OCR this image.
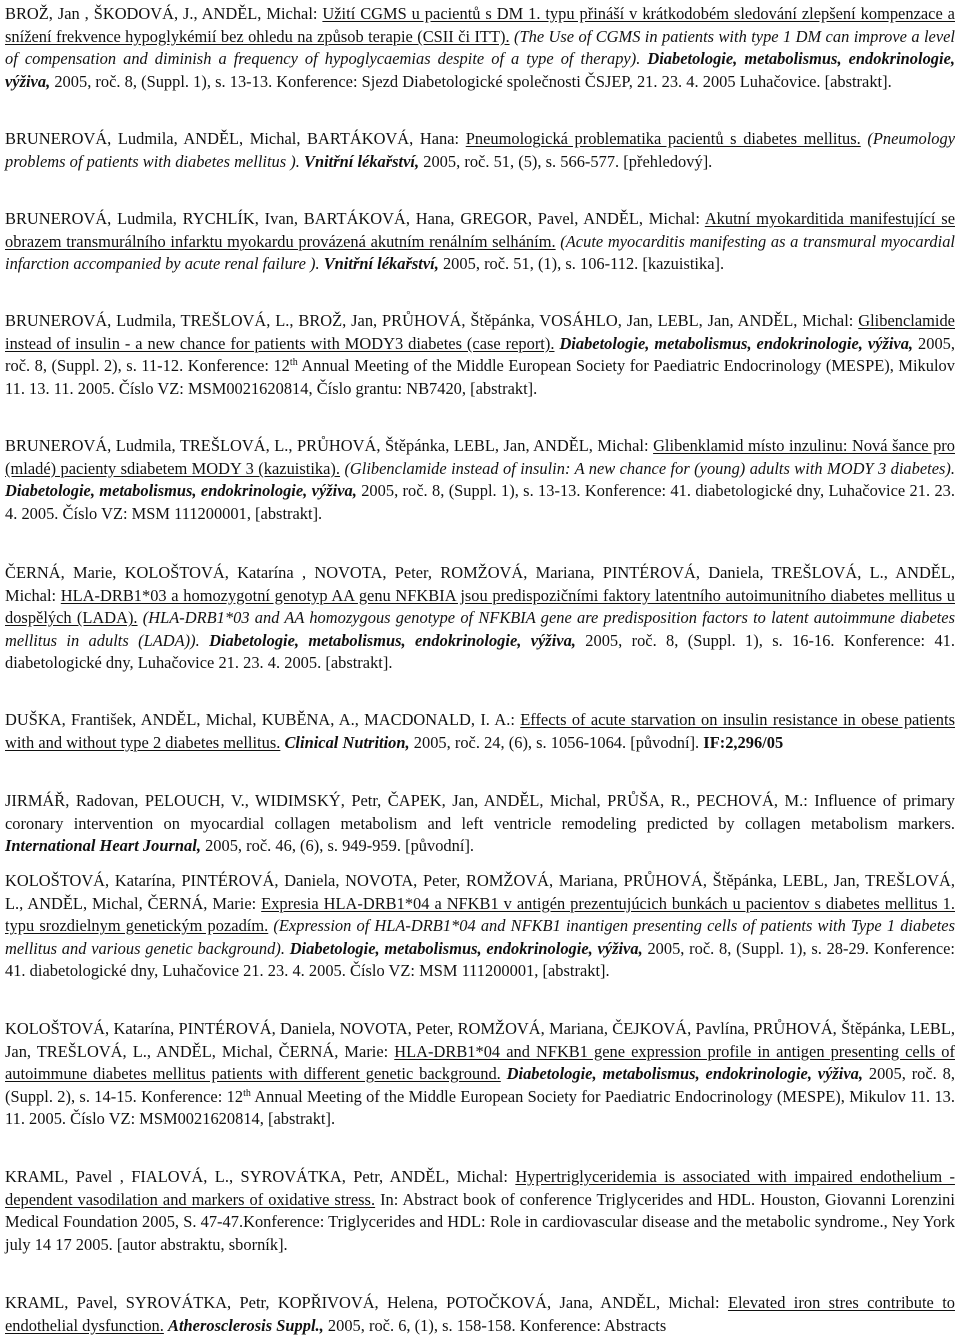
BROŽ, Jan , ŠKODOVÁ, J., ANDĚL, Michal: Užití CGMS u pacientů s DM 1. typu přináší v krátkodobém sledování zlepšení kompenzace a snížení frekvence hypoglykémií bez ohledu na způsob terapie (CSII či ITT). (The Use of CGMS in patients with type 1 DM can improve a level of compensation and diminish a frequency of hypoglycaemias despite of a type of therapy). Diabetologie, metabolismus, endokrinologie, výživa, 2005, roč. 8, (Suppl. 1), s. 13-13. Konference: Sjezd Diabetologické společnosti ČSJEP, 21. 23. 4. 2005 Luhačovice. [abstrakt].

BRUNEROVÁ, Ludmila, ANDĚL, Michal, BARTÁKOVÁ, Hana: Pneumologická problematika pacientů s diabetes mellitus. (Pneumology problems of patients with diabetes mellitus ). Vnitřní lékařství, 2005, roč. 51, (5), s. 566-577. [přehledový].

BRUNEROVÁ, Ludmila, RYCHLÍK, Ivan, BARTÁKOVÁ, Hana, GREGOR, Pavel, ANDĚL, Michal: Akutní myokarditida manifestující se obrazem transmurálního infarktu myokardu provázená akutním renálním selháním. (Acute myocarditis manifesting as a transmural myocardial infarction accompanied by acute renal failure ). Vnitřní lékařství, 2005, roč. 51, (1), s. 106-112. [kazuistika].

BRUNEROVÁ, Ludmila, TREŠLOVÁ, L., BROŽ, Jan, PRŮHOVÁ, Štěpánka, VOSÁHLO, Jan, LEBL, Jan, ANDĚL, Michal: Glibenclamide instead of insulin - a new chance for patients with MODY3 diabetes (case report). Diabetologie, metabolismus, endokrinologie, výživa, 2005, roč. 8, (Suppl. 2), s. 11-12. Konference: 12th Annual Meeting of the Middle European Society for Paediatric Endocrinology (MESPE), Mikulov 11. 13. 11. 2005. Číslo VZ: MSM0021620814, Číslo grantu: NB7420, [abstrakt].

BRUNEROVÁ, Ludmila, TREŠLOVÁ, L., PRŮHOVÁ, Štěpánka, LEBL, Jan, ANDĚL, Michal: Glibenklamid místo inzulinu: Nová šance pro (mladé) pacienty sdiabetem MODY 3 (kazuistika). (Glibenclamide instead of insulin: A new chance for (young) adults with MODY 3 diabetes). Diabetologie, metabolismus, endokrinologie, výživa, 2005, roč. 8, (Suppl. 1), s. 13-13. Konference: 41. diabetologické dny, Luhačovice 21. 23. 4. 2005. Číslo VZ: MSM 111200001, [abstrakt].

ČERNÁ, Marie, KOLOŠTOVÁ, Katarína , NOVOTA, Peter, ROMŽOVÁ, Mariana, PINTÉROVÁ, Daniela, TREŠLOVÁ, L., ANDĚL, Michal: HLA-DRB1*03 a homozygotní genotyp AA genu NFKBIA jsou predispozičními faktory latentního autoimunitního diabetes mellitus u dospělých (LADA). (HLA-DRB1*03 and AA homozygous genotype of NFKBIA gene are predisposition factors to latent autoimmune diabetes mellitus in adults (LADA)). Diabetologie, metabolismus, endokrinologie, výživa, 2005, roč. 8, (Suppl. 1), s. 16-16. Konference: 41. diabetologické dny, Luhačovice 21. 23. 4. 2005. [abstrakt].

DUŠKA, František, ANDĚL, Michal, KUBĚNA, A., MACDONALD, I. A.: Effects of acute starvation on insulin resistance in obese patients with and without type 2 diabetes mellitus. Clinical Nutrition, 2005, roč. 24, (6), s. 1056-1064. [původní]. IF:2,296/05

JIRMÁŘ, Radovan, PELOUCH, V., WIDIMSKÝ, Petr, ČAPEK, Jan, ANDĚL, Michal, PRŮŠA, R., PECHOVÁ, M.: Influence of primary coronary intervention on myocardial collagen metabolism and left ventricle remodeling predicted by collagen metabolism markers. International Heart Journal, 2005, roč. 46, (6), s. 949-959. [původní].

KOLOŠTOVÁ, Katarína, PINTÉROVÁ, Daniela, NOVOTA, Peter, ROMŽOVÁ, Mariana, PRŮHOVÁ, Štěpánka, LEBL, Jan, TREŠLOVÁ, L., ANDĚL, Michal, ČERNÁ, Marie: Expresia HLA-DRB1*04 a NFKB1 v antigén prezentujúcich bunkách u pacientov s diabetes mellitus 1. typu srozdielnym genetickým pozadím. (Expression of HLA-DRB1*04 and NFKB1 inantigen presenting cells of patients with Type 1 diabetes mellitus and various genetic background). Diabetologie, metabolismus, endokrinologie, výživa, 2005, roč. 8, (Suppl. 1), s. 28-29. Konference: 41. diabetologické dny, Luhačovice 21. 23. 4. 2005. Číslo VZ: MSM 111200001, [abstrakt].

KOLOŠTOVÁ, Katarína, PINTÉROVÁ, Daniela, NOVOTA, Peter, ROMŽOVÁ, Mariana, ČEJKOVÁ, Pavlína, PRŮHOVÁ, Štěpánka, LEBL, Jan, TREŠLOVÁ, L., ANDĚL, Michal, ČERNÁ, Marie: HLA-DRB1*04 and NFKB1 gene expression profile in antigen presenting cells of autoimmune diabetes mellitus patients with different genetic background. Diabetologie, metabolismus, endokrinologie, výživa, 2005, roč. 8, (Suppl. 2), s. 14-15. Konference: 12th Annual Meeting of the Middle European Society for Paediatric Endocrinology (MESPE), Mikulov 11. 13. 11. 2005. Číslo VZ: MSM0021620814, [abstrakt].

KRAML, Pavel , FIALOVÁ, L., SYROVÁTKA, Petr, ANDĚL, Michal: Hypertriglyceridemia is associated with impaired endothelium -dependent vasodilation and markers of oxidative stress. In: Abstract book of conference Triglycerides and HDL. Houston, Giovanni Lorenzini Medical Foundation 2005, S. 47-47.Konference: Triglycerides and HDL: Role in cardiovascular disease and the metabolic syndrome., Ney York july 14 17 2005. [autor abstraktu, sborník].

KRAML, Pavel, SYROVÁTKA, Petr, KOPŘIVOVÁ, Helena, POTOČKOVÁ, Jana, ANDĚL, Michal: Elevated iron stres contribute to endothelial dysfunction. Atherosclerosis Suppl., 2005, roč. 6, (1), s. 158-158. Konference: Abstracts
